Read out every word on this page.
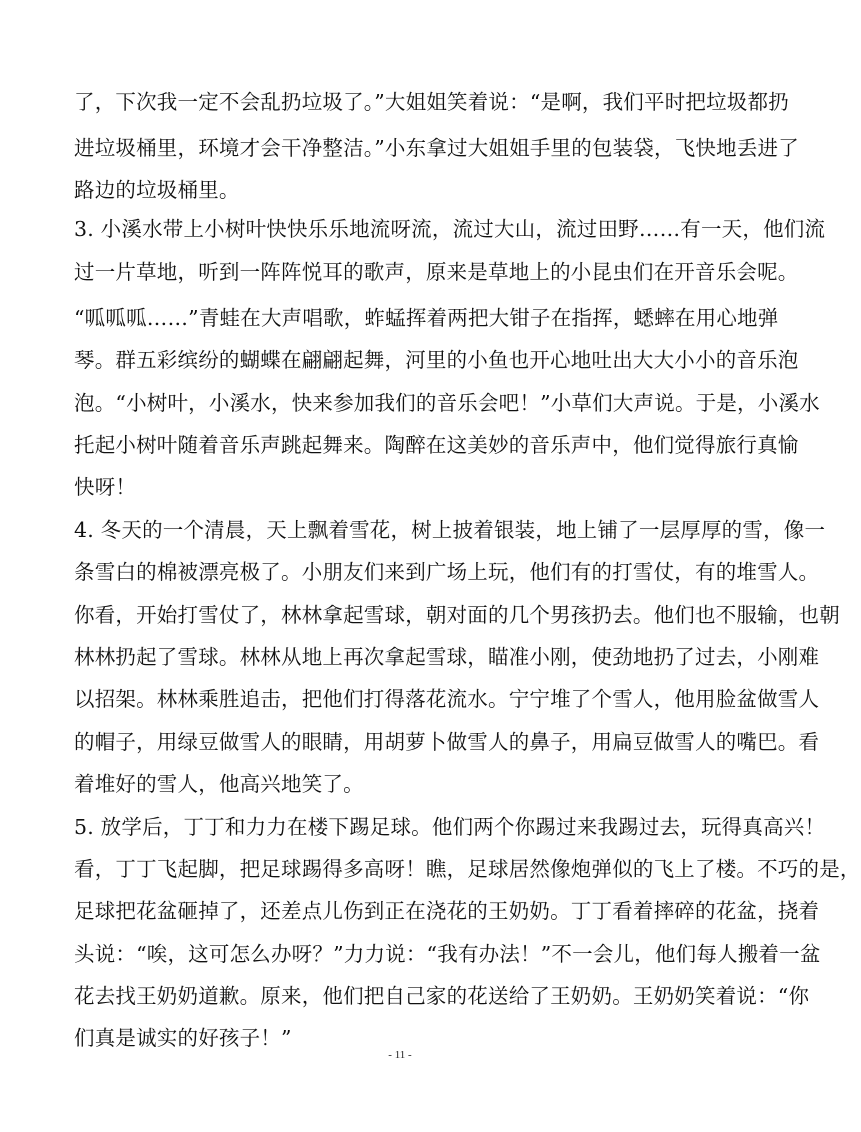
了，下次我一定不会乱扔垃圾了。”大姐姐笑着说：“是啊，我们平时把垃圾都扔
进垃圾桶里，环境才会干净整洁。”小东拿过大姐姐手里的包装袋，飞快地丢进了
路边的垃圾桶里。
3. 小溪水带上小树叶快快乐乐地流呀流，流过大山，流过田野……有一天，他们流
过一片草地，听到一阵阵悦耳的歌声，原来是草地上的小昆虫们在开音乐会呢。
“呱呱呱……”青蛙在大声唱歌，蚱蜢挥着两把大钳子在指挥，蟋蟀在用心地弹
琴。群五彩缤纷的蝴蝶在翩翩起舞，河里的小鱼也开心地吐出大大小小的音乐泡
泡。“小树叶，小溪水，快来参加我们的音乐会吧！”小草们大声说。于是，小溪水
托起小树叶随着音乐声跳起舞来。陶醉在这美妙的音乐声中，他们觉得旅行真愉
快呀！
4. 冬天的一个清晨，天上飘着雪花，树上披着银装，地上铺了一层厚厚的雪，像一
条雪白的棉被漂亮极了。小朋友们来到广场上玩，他们有的打雪仗，有的堆雪人。
你看，开始打雪仗了，林林拿起雪球，朝对面的几个男孩扔去。他们也不服输，也朝
林林扔起了雪球。林林从地上再次拿起雪球，瞄准小刚，使劲地扔了过去，小刚难
以招架。林林乘胜追击，把他们打得落花流水。宁宁堆了个雪人，他用脸盆做雪人
的帽子，用绿豆做雪人的眼睛，用胡萝卜做雪人的鼻子，用扁豆做雪人的嘴巴。看
着堆好的雪人，他高兴地笑了。
5. 放学后，丁丁和力力在楼下踢足球。他们两个你踢过来我踢过去，玩得真高兴！
看，丁丁飞起脚，把足球踢得多高呀！瞧，足球居然像炮弹似的飞上了楼。不巧的是，
足球把花盆砸掉了，还差点儿伤到正在浇花的王奶奶。丁丁看着摔碎的花盆，挠着
头说：“唉，这可怎么办呀？”力力说：“我有办法！”不一会儿，他们每人搬着一盆
花去找王奶奶道歉。原来，他们把自己家的花送给了王奶奶。王奶奶笑着说：“你
们真是诚实的好孩子！”
- 11 -
